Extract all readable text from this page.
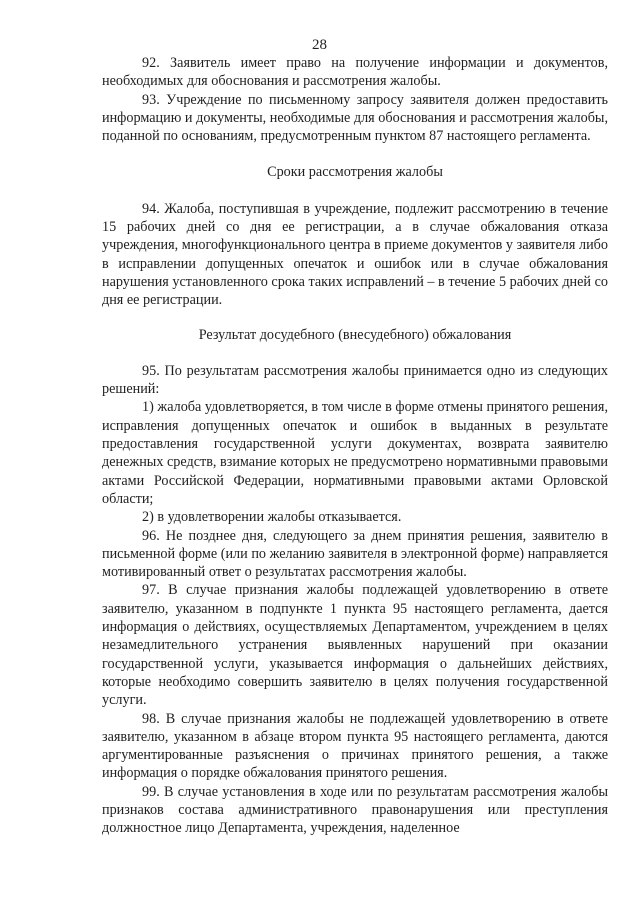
28

92. Заявитель имеет право на получение информации и документов, необходимых для обоснования и рассмотрения жалобы.

93. Учреждение по письменному запросу заявителя должен предоставить информацию и документы, необходимые для обоснования и рассмотрения жалобы, поданной по основаниям, предусмотренным пунктом 87 настоящего регламента.

Сроки рассмотрения жалобы

94. Жалоба, поступившая в учреждение, подлежит рассмотрению в течение 15 рабочих дней со дня ее регистрации, а в случае обжалования отказа учреждения, многофункционального центра в приеме документов у заявителя либо в исправлении допущенных опечаток и ошибок или в случае обжалования нарушения установленного срока таких исправлений – в течение 5 рабочих дней со дня ее регистрации.

Результат досудебного (внесудебного) обжалования

95. По результатам рассмотрения жалобы принимается одно из следующих решений:

1) жалоба удовлетворяется, в том числе в форме отмены принятого решения, исправления допущенных опечаток и ошибок в выданных в результате предоставления государственной услуги документах, возврата заявителю денежных средств, взимание которых не предусмотрено нормативными правовыми актами Российской Федерации, нормативными правовыми актами Орловской области;

2) в удовлетворении жалобы отказывается.

96. Не позднее дня, следующего за днем принятия решения, заявителю в письменной форме (или по желанию заявителя в электронной форме) направляется мотивированный ответ о результатах рассмотрения жалобы.

97. В случае признания жалобы подлежащей удовлетворению в ответе заявителю, указанном в подпункте 1 пункта 95 настоящего регламента, дается информация о действиях, осуществляемых Департаментом, учреждением в целях незамедлительного устранения выявленных нарушений при оказании государственной услуги, указывается информация о дальнейших действиях, которые необходимо совершить заявителю в целях получения государственной услуги.

98. В случае признания жалобы не подлежащей удовлетворению в ответе заявителю, указанном в абзаце втором пункта 95 настоящего регламента, даются аргументированные разъяснения о причинах принятого решения, а также информация о порядке обжалования принятого решения.

99. В случае установления в ходе или по результатам рассмотрения жалобы признаков состава административного правонарушения или преступления должностное лицо Департамента, учреждения, наделенное
